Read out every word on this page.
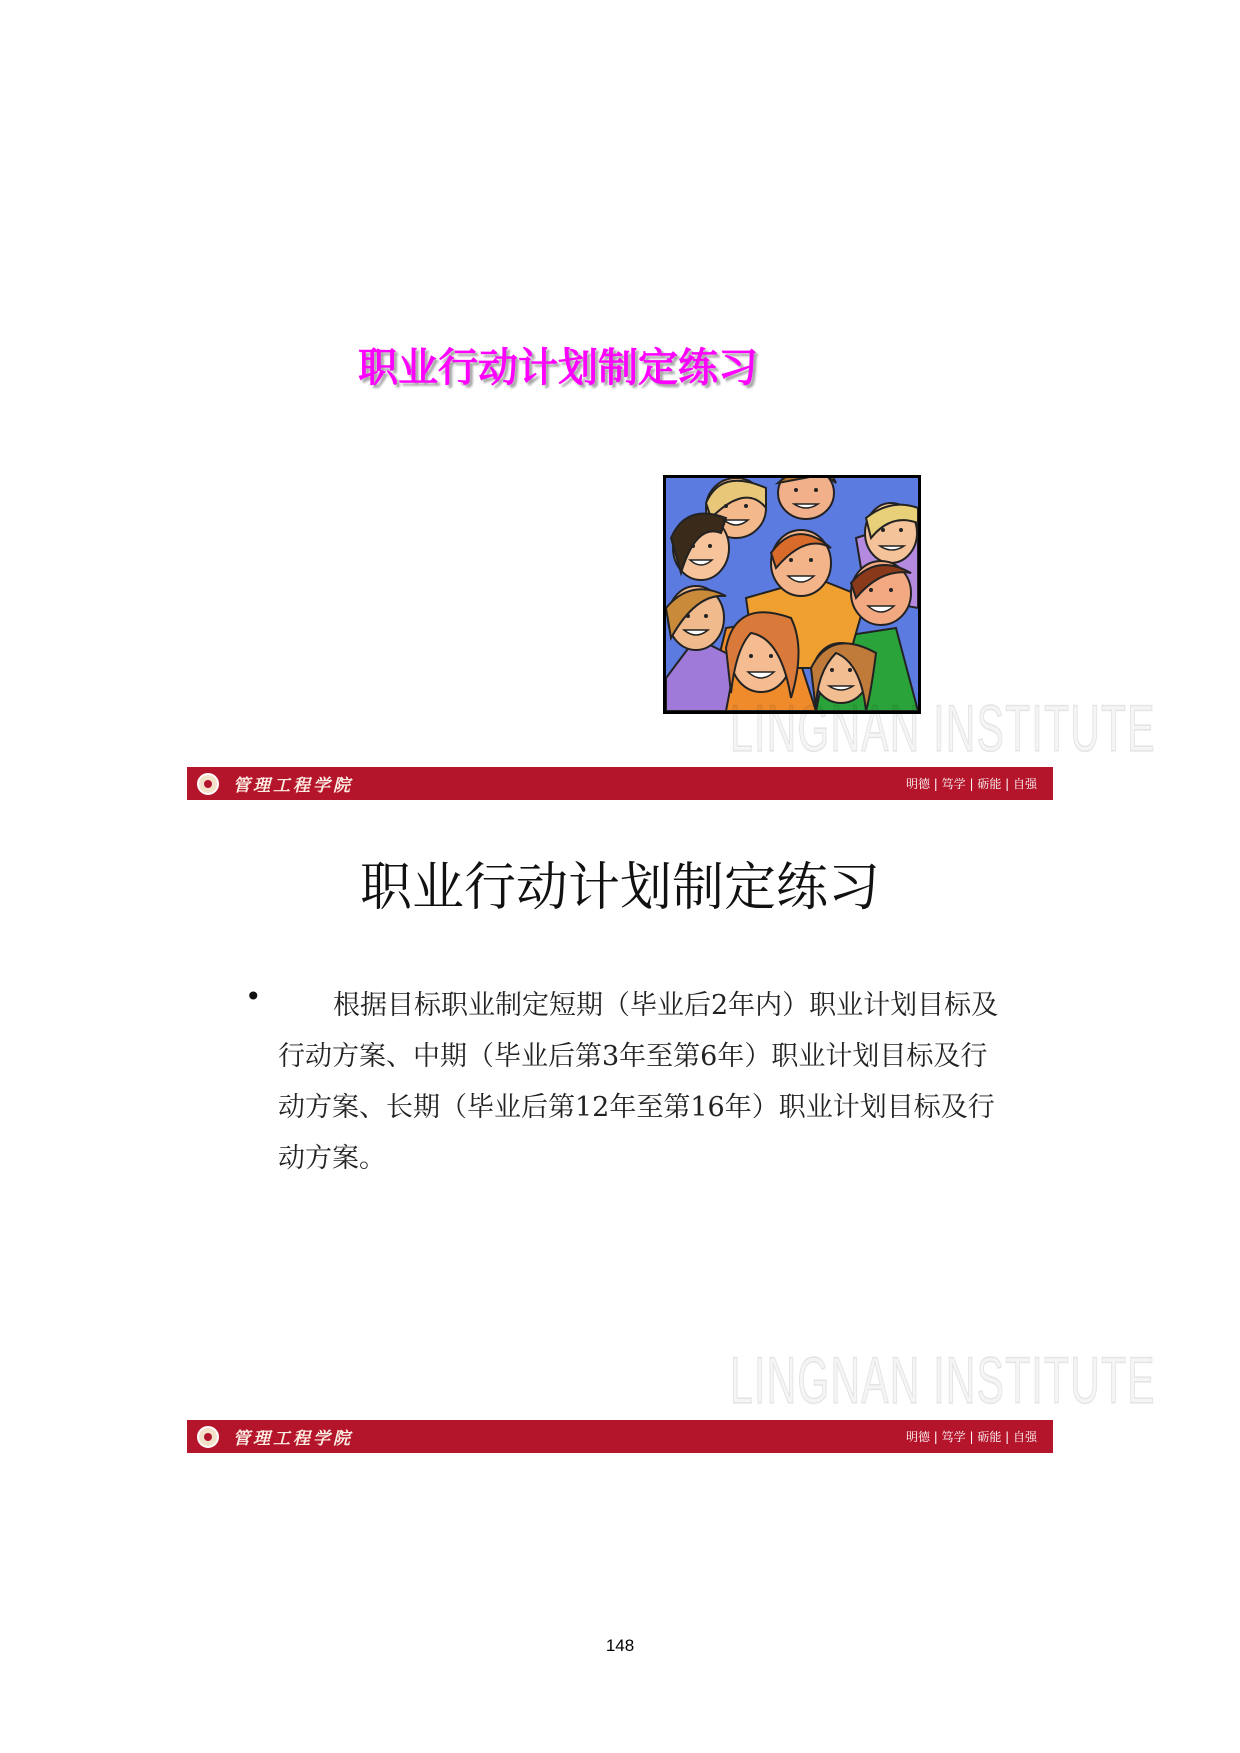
职业行动计划制定练习
LINGNAN INSTITUTE
管理工程学院	明德 | 笃学 | 砺能 | 自强
职业行动计划制定练习
•	根据目标职业制定短期（毕业后2年内）职业计划目标及行动方案、中期（毕业后第3年至第6年）职业计划目标及行动方案、长期（毕业后第12年至第16年）职业计划目标及行动方案。

LINGNAN INSTITUTE
管理工程学院	明德 | 笃学 | 砺能 | 自强
148
